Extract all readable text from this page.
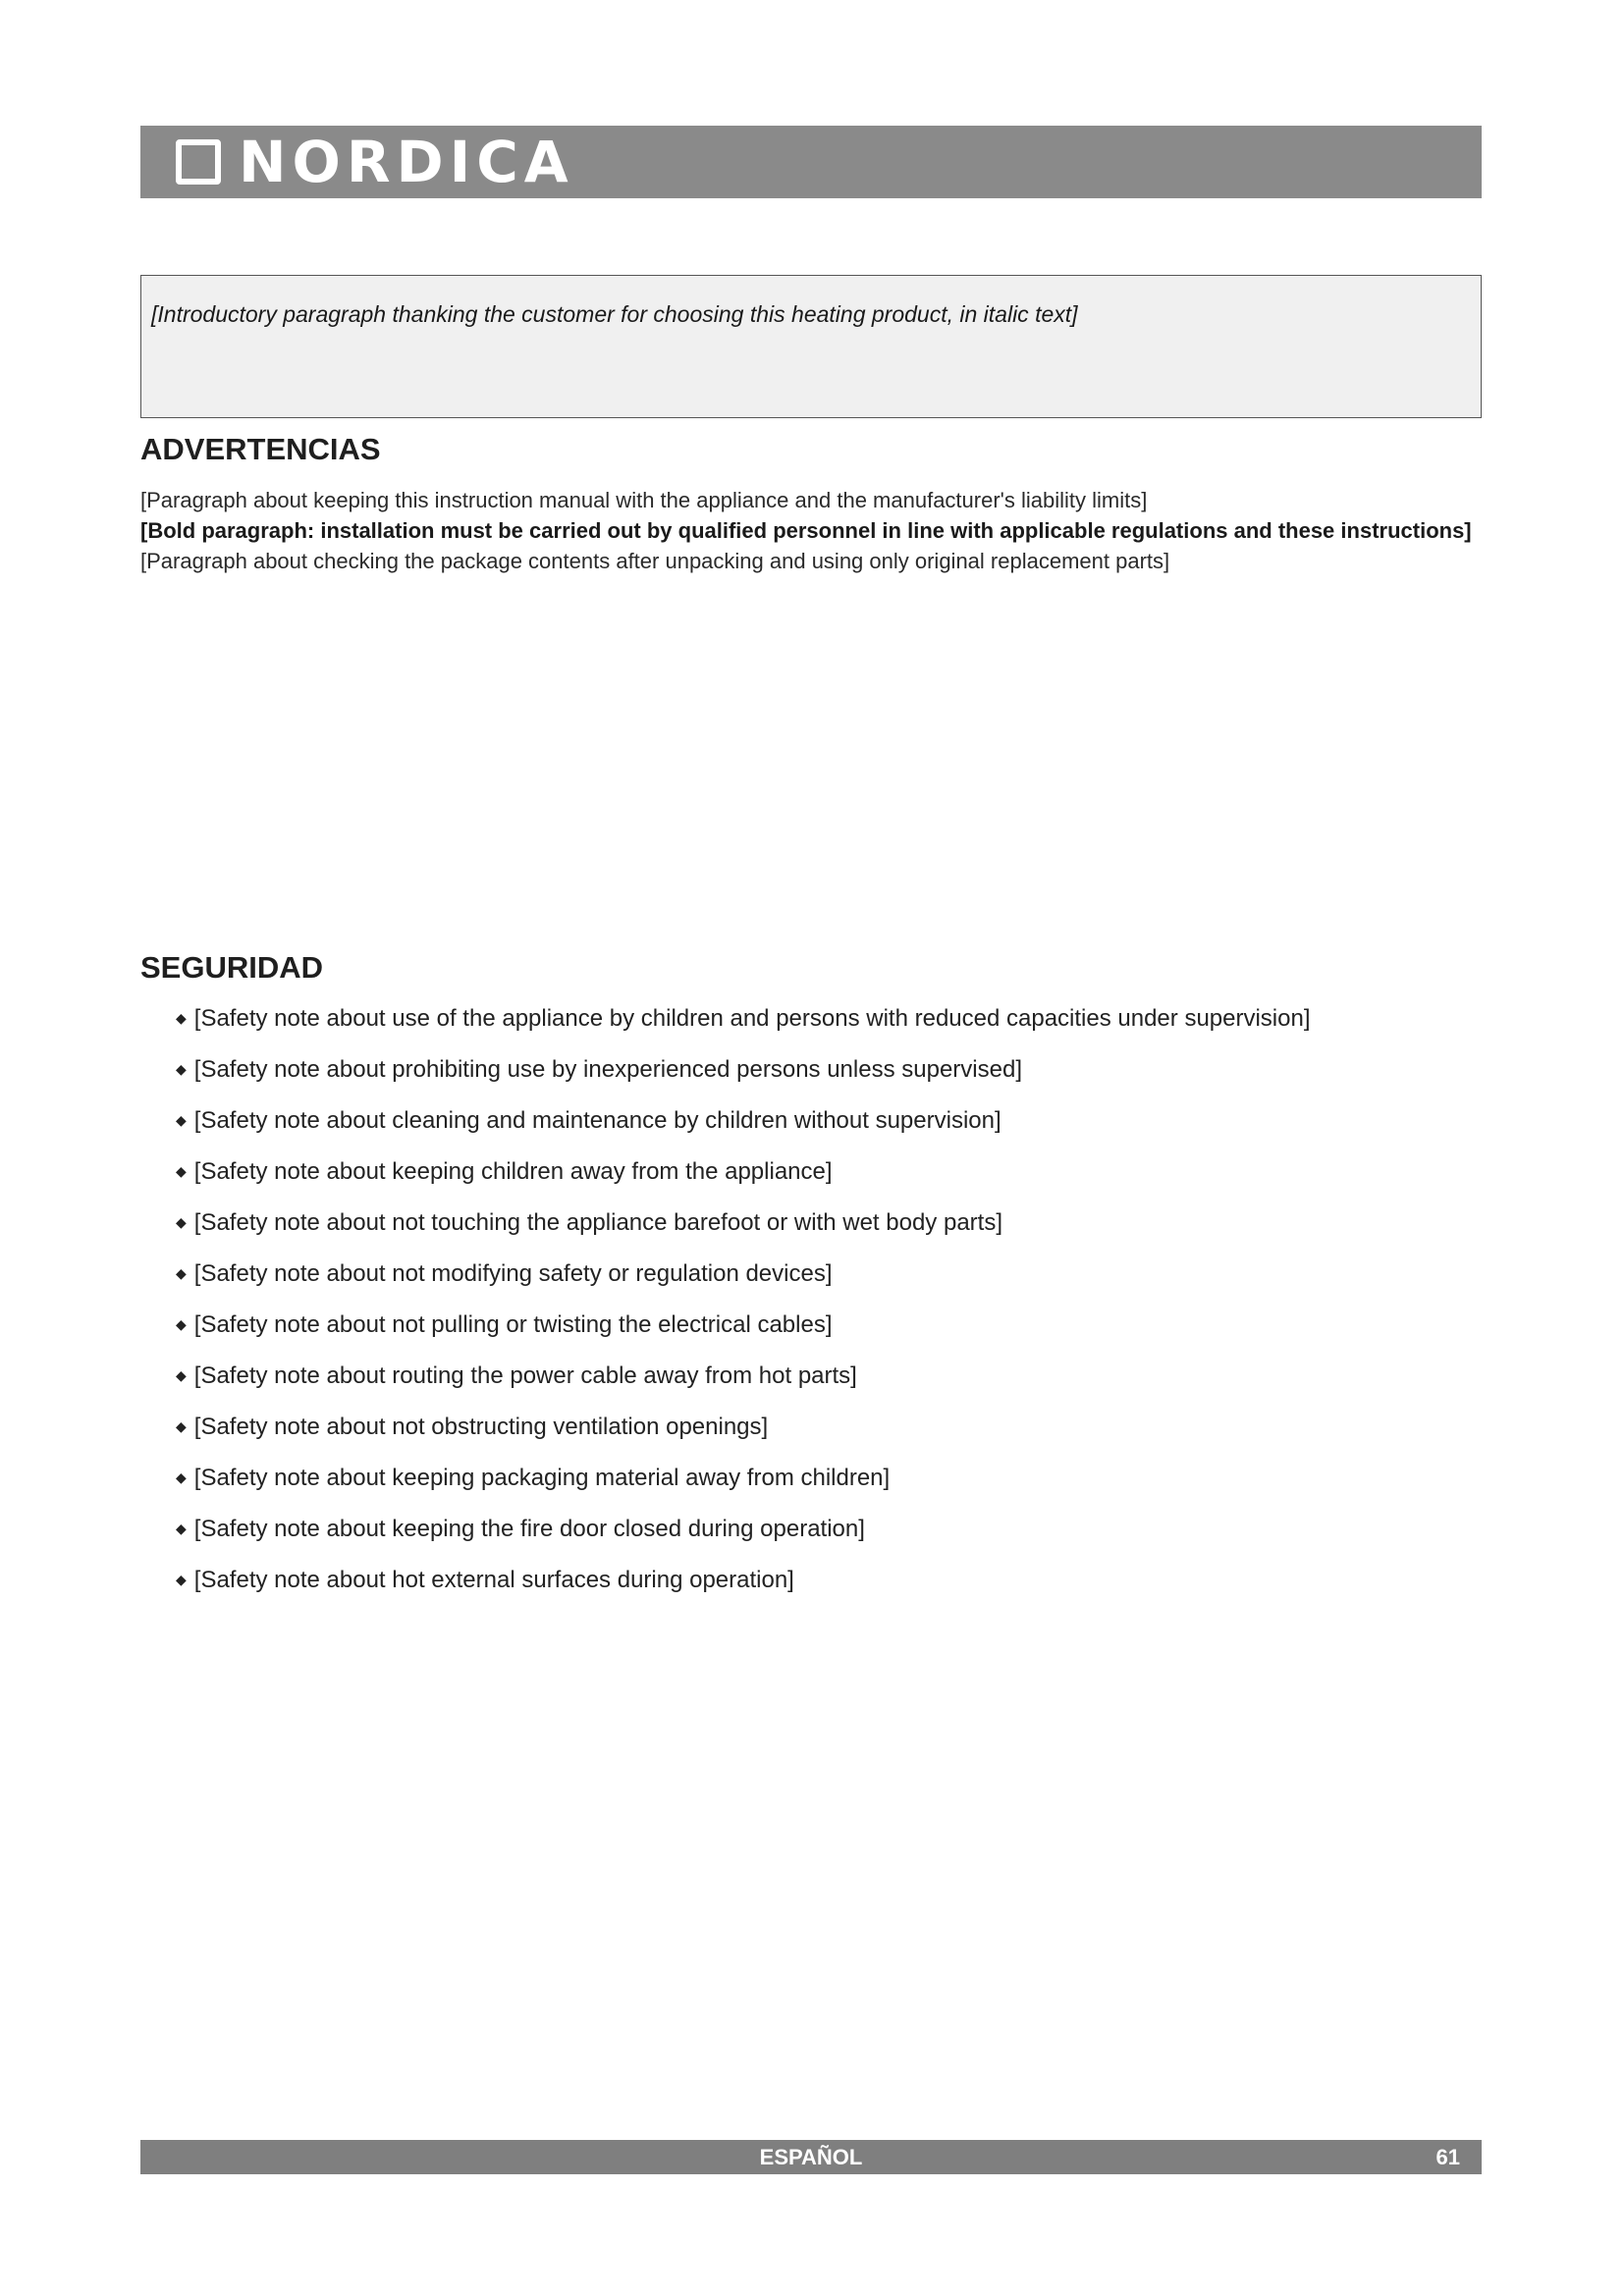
NORDICA
[Introductory paragraph thanking the customer for choosing this heating product, in italic text]
ADVERTENCIAS
[Paragraph about keeping this instruction manual with the appliance and the manufacturer's liability limits]
[Bold paragraph: installation must be carried out by qualified personnel in line with applicable regulations and these instructions]
[Paragraph about checking the package contents after unpacking and using only original replacement parts]
SEGURIDAD
◆ [Safety note about use of the appliance by children and persons with reduced capacities under supervision]
◆ [Safety note about prohibiting use by inexperienced persons unless supervised]
◆ [Safety note about cleaning and maintenance by children without supervision]
◆ [Safety note about keeping children away from the appliance]
◆ [Safety note about not touching the appliance barefoot or with wet body parts]
◆ [Safety note about not modifying safety or regulation devices]
◆ [Safety note about not pulling or twisting the electrical cables]
◆ [Safety note about routing the power cable away from hot parts]
◆ [Safety note about not obstructing ventilation openings]
◆ [Safety note about keeping packaging material away from children]
◆ [Safety note about keeping the fire door closed during operation]
◆ [Safety note about hot external surfaces during operation]
ESPAÑOL	61
